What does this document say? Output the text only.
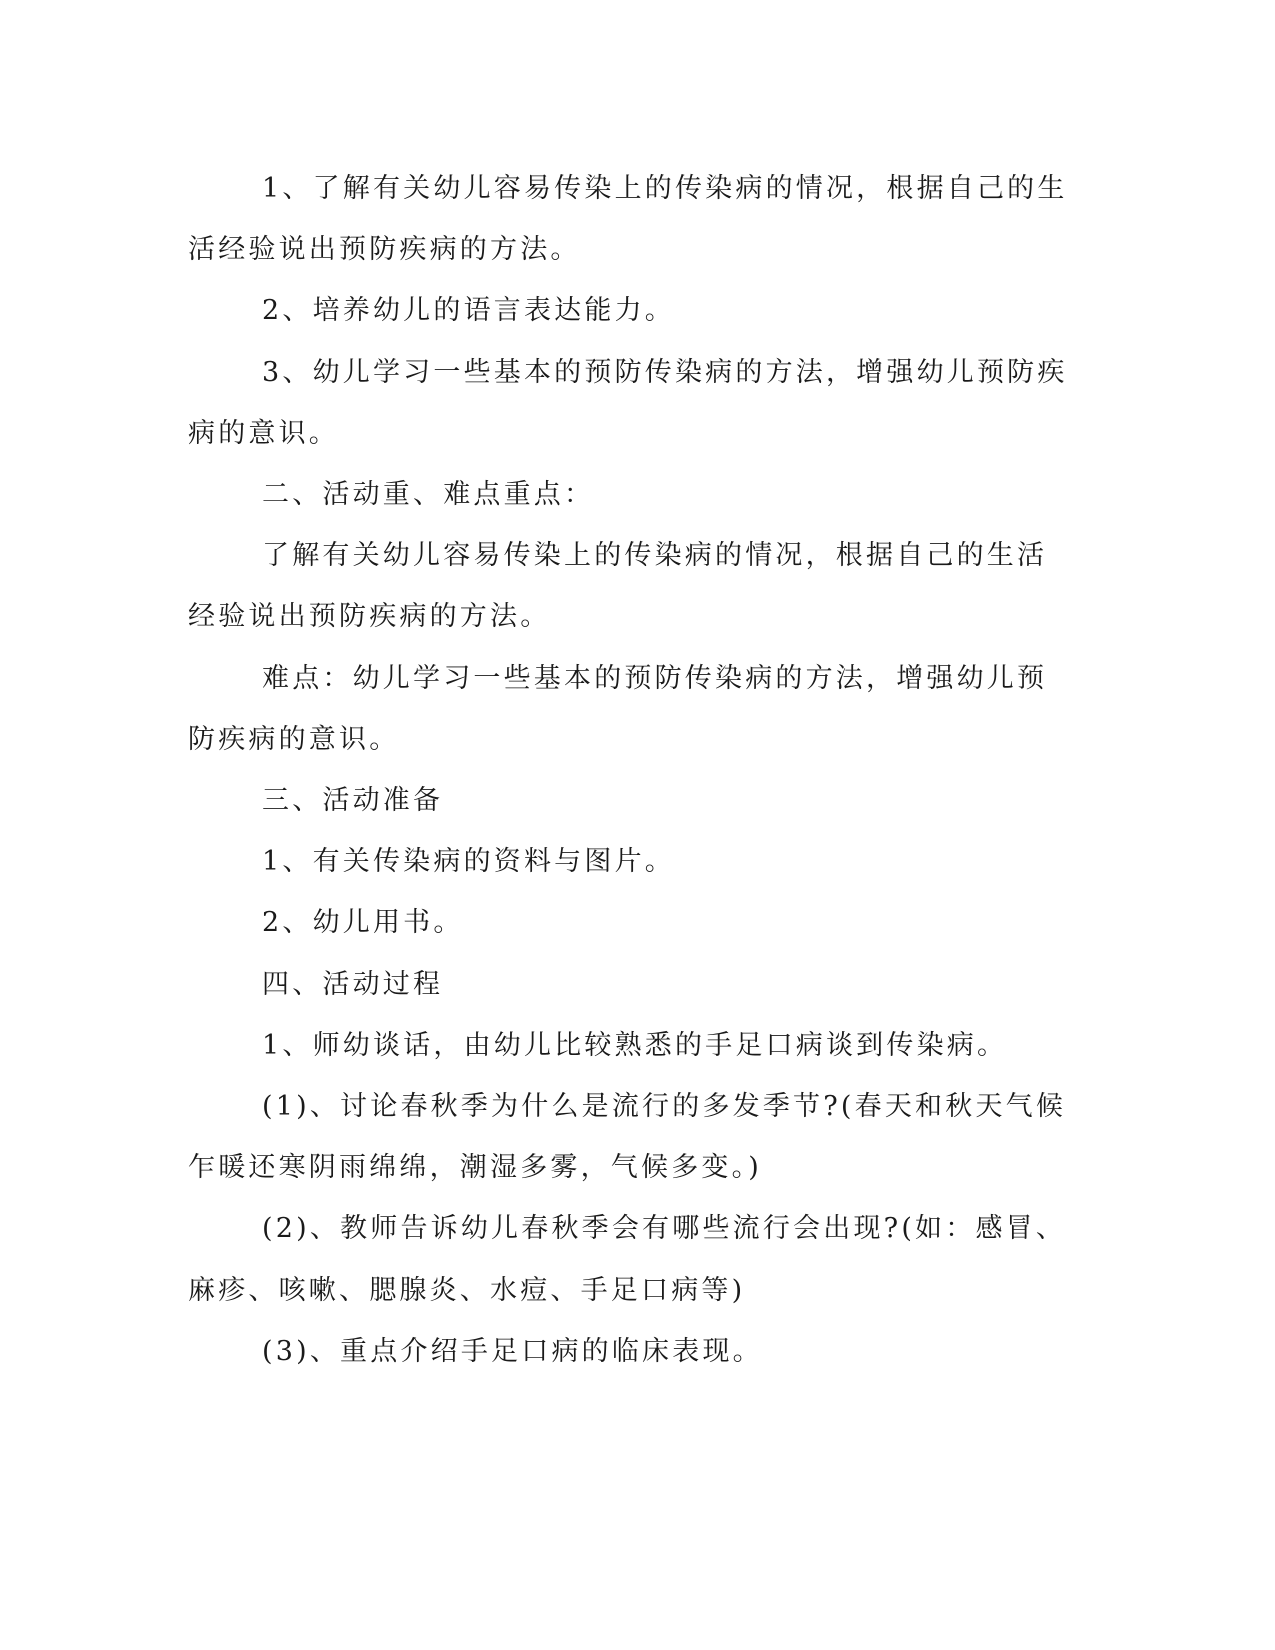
1、了解有关幼儿容易传染上的传染病的情况，根据自己的生活经验说出预防疾病的方法。

2、培养幼儿的语言表达能力。

3、幼儿学习一些基本的预防传染病的方法，增强幼儿预防疾病的意识。

二、活动重、难点重点：

了解有关幼儿容易传染上的传染病的情况，根据自己的生活经验说出预防疾病的方法。

难点：幼儿学习一些基本的预防传染病的方法，增强幼儿预防疾病的意识。

三、活动准备

1、有关传染病的资料与图片。

2、幼儿用书。

四、活动过程

1、师幼谈话，由幼儿比较熟悉的手足口病谈到传染病。

(1)、讨论春秋季为什么是流行的多发季节?(春天和秋天气候乍暖还寒阴雨绵绵，潮湿多雾，气候多变。)

(2)、教师告诉幼儿春秋季会有哪些流行会出现?(如：感冒、麻疹、咳嗽、腮腺炎、水痘、手足口病等)

(3)、重点介绍手足口病的临床表现。
